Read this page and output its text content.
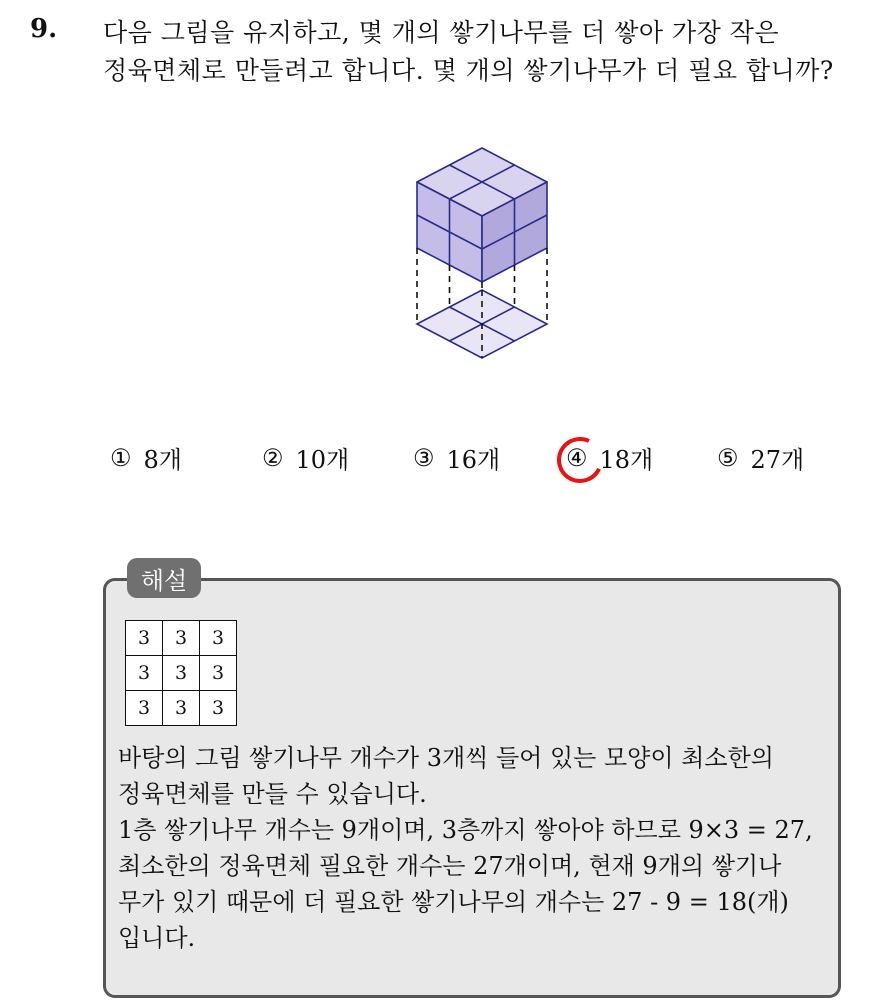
9. 다음 그림을 유지하고, 몇 개의 쌓기나무를 더 쌓아 가장 작은
정육면체로 만들려고 합니다. 몇 개의 쌓기나무가 더 필요 합니까?
① 8개	② 10개	③ 16개	④ 18개	⑤ 27개
해설
3	3	3
3	3	3
3	3	3
바탕의 그림 쌓기나무 개수가 3개씩 들어 있는 모양이 최소한의
정육면체를 만들 수 있습니다.
1층 쌓기나무 개수는 9개이며, 3층까지 쌓아야 하므로 9×3 = 27,
최소한의 정육면체 필요한 개수는 27개이며, 현재 9개의 쌓기나
무가 있기 때문에 더 필요한 쌓기나무의 개수는 27 - 9 = 18(개)
입니다.
